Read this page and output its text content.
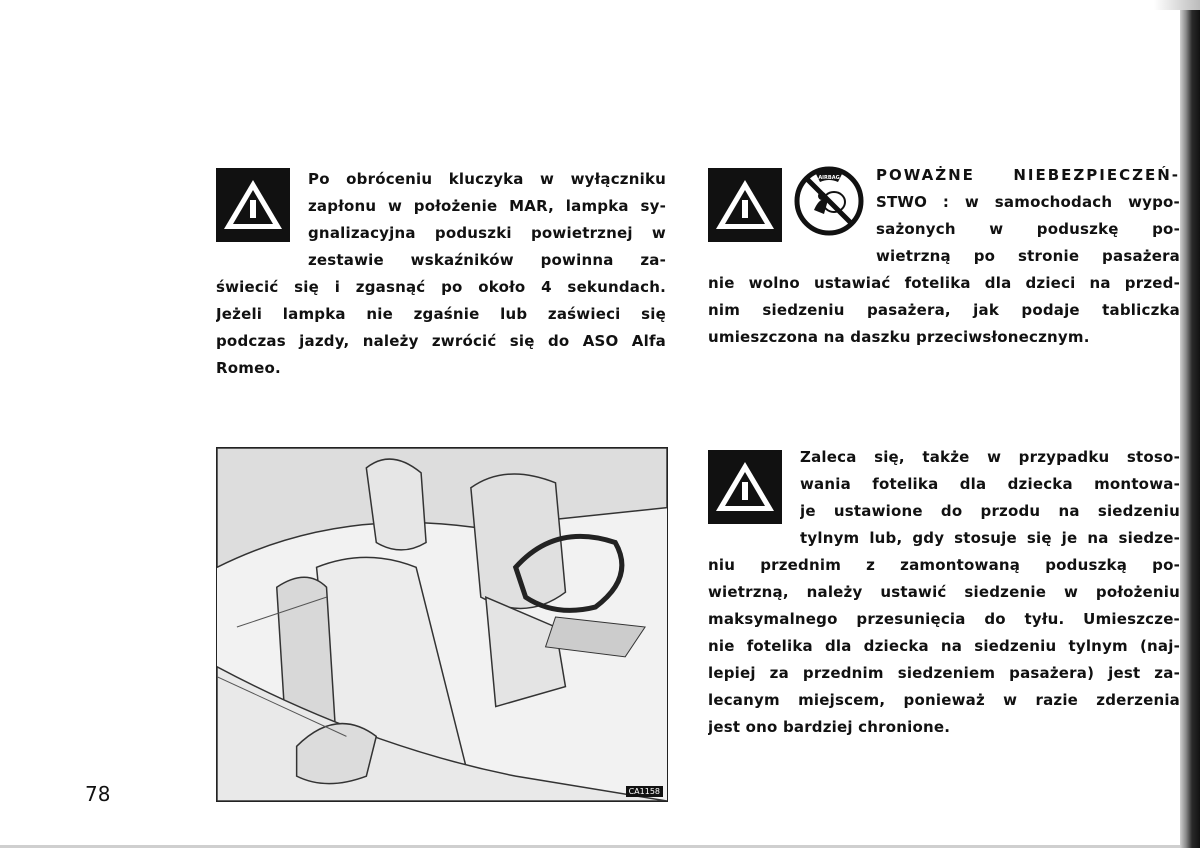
Po obróceniu kluczyka w wyłączniku
zapłonu w położenie MAR, lampka sy-
gnalizacyjna poduszki powietrznej w
zestawie wskaźników powinna za-
świecić się i zgasnąć po około 4 sekundach.
Jeżeli lampka nie zgaśnie lub zaświeci się
podczas jazdy, należy zwrócić się do ASO Alfa
Romeo.
AIRBAG POWAŻNE NIEBEZPIECZEŃ-
STWO : w samochodach wypo-
sażonych w poduszkę po-
wietrzną po stronie pasażera
nie wolno ustawiać fotelika dla dzieci na przed-
nim siedzeniu pasażera, jak podaje tabliczka
umieszczona na daszku przeciwsłonecznym.
CA1158
Zaleca się, także w przypadku stoso-
wania fotelika dla dziecka montowa-
je ustawione do przodu na siedzeniu
tylnym lub, gdy stosuje się je na siedze-
niu przednim z zamontowaną poduszką po-
wietrzną, należy ustawić siedzenie w położeniu
maksymalnego przesunięcia do tyłu. Umieszcze-
nie fotelika dla dziecka na siedzeniu tylnym (naj-
lepiej za przednim siedzeniem pasażera) jest za-
lecanym miejscem, ponieważ w razie zderzenia
jest ono bardziej chronione.
78
